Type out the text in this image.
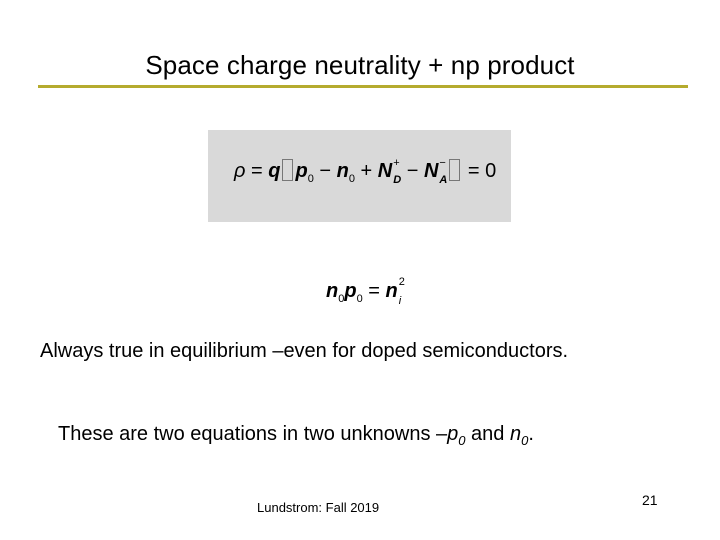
Space charge neutrality + np product
ρ = q $p_0 - n_0 + N$ +
D − N −
A = 0
$n_0p_0 = n$ 2
i
Always true in equilibrium –even for doped semiconductors.
These are two equations in two unknowns $-p_0$ and $n_0$.
Lundstrom: Fall 2019	21
